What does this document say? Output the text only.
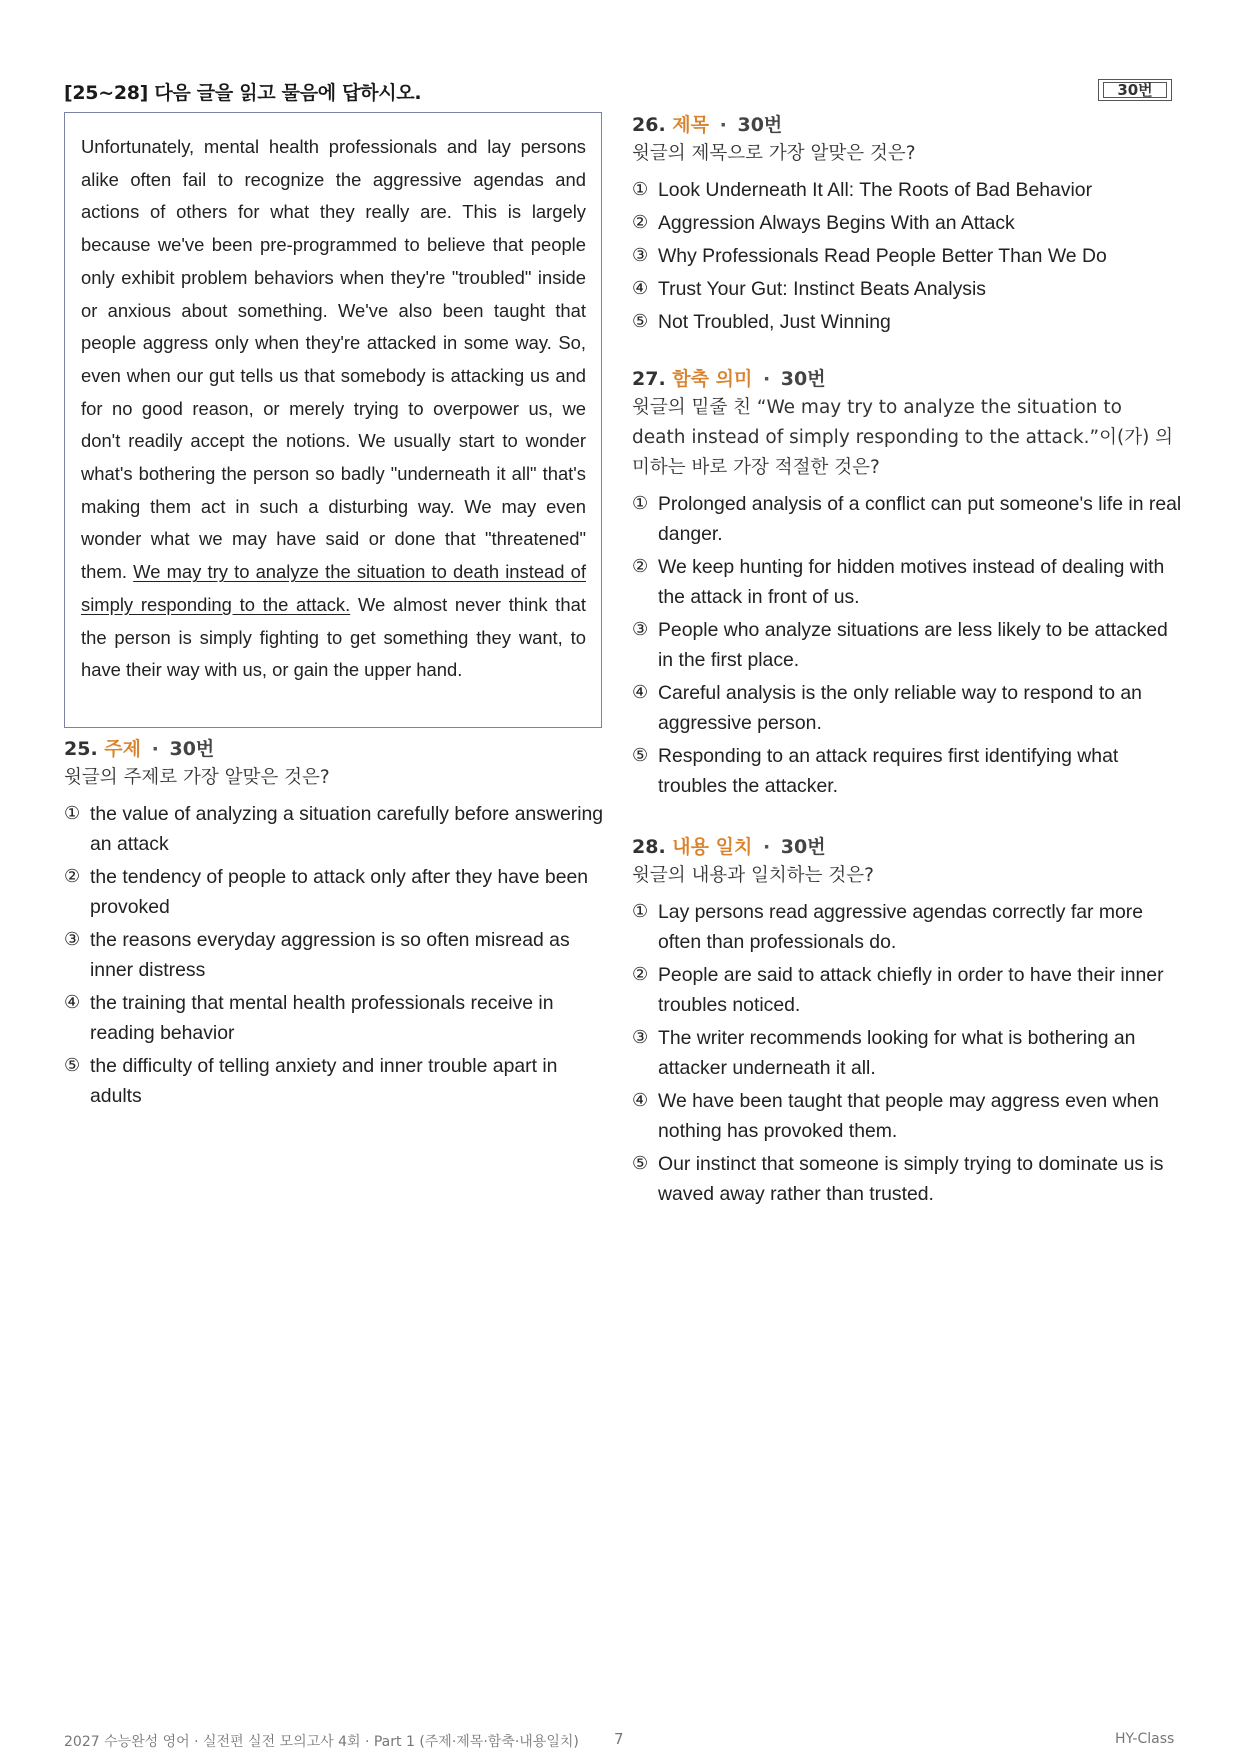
[25~28] 다음 글을 읽고 물음에 답하시오.	30번
Unfortunately, mental health professionals and lay persons alike often fail to recognize the aggressive agendas and actions of others for what they really are. This is largely because we've been pre-programmed to believe that people only exhibit problem behaviors when they're "troubled" inside or anxious about something. We've also been taught that people aggress only when they're attacked in some way. So, even when our gut tells us that somebody is attacking us and for no good reason, or merely trying to overpower us, we don't readily accept the notions. We usually start to wonder what's bothering the person so badly "underneath it all" that's making them act in such a disturbing way. We may even wonder what we may have said or done that "threatened" them. We may try to analyze the situation to death instead of simply responding to the attack. We almost never think that the person is simply fighting to get something they want, to have their way with us, or gain the upper hand.
25. 주제 · 30번
윗글의 주제로 가장 알맞은 것은?
① the value of analyzing a situation carefully before answering an attack
② the tendency of people to attack only after they have been provoked
③ the reasons everyday aggression is so often misread as inner distress
④ the training that mental health professionals receive in reading behavior
⑤ the difficulty of telling anxiety and inner trouble apart in adults
26. 제목 · 30번
윗글의 제목으로 가장 알맞은 것은?
① Look Underneath It All: The Roots of Bad Behavior
② Aggression Always Begins With an Attack
③ Why Professionals Read People Better Than We Do
④ Trust Your Gut: Instinct Beats Analysis
⑤ Not Troubled, Just Winning
27. 함축 의미 · 30번
윗글의 밑줄 친 “We may try to analyze the situation to death instead of simply responding to the attack.”이(가) 의미하는 바로 가장 적절한 것은?
① Prolonged analysis of a conflict can put someone's life in real danger.
② We keep hunting for hidden motives instead of dealing with the attack in front of us.
③ People who analyze situations are less likely to be attacked in the first place.
④ Careful analysis is the only reliable way to respond to an aggressive person.
⑤ Responding to an attack requires first identifying what troubles the attacker.
28. 내용 일치 · 30번
윗글의 내용과 일치하는 것은?
① Lay persons read aggressive agendas correctly far more often than professionals do.
② People are said to attack chiefly in order to have their inner troubles noticed.
③ The writer recommends looking for what is bothering an attacker underneath it all.
④ We have been taught that people may aggress even when nothing has provoked them.
⑤ Our instinct that someone is simply trying to dominate us is waved away rather than trusted.
2027 수능완성 영어 · 실전편 실전 모의고사 4회 · Part 1 (주제·제목·함축·내용일치) 7	HY-Class
